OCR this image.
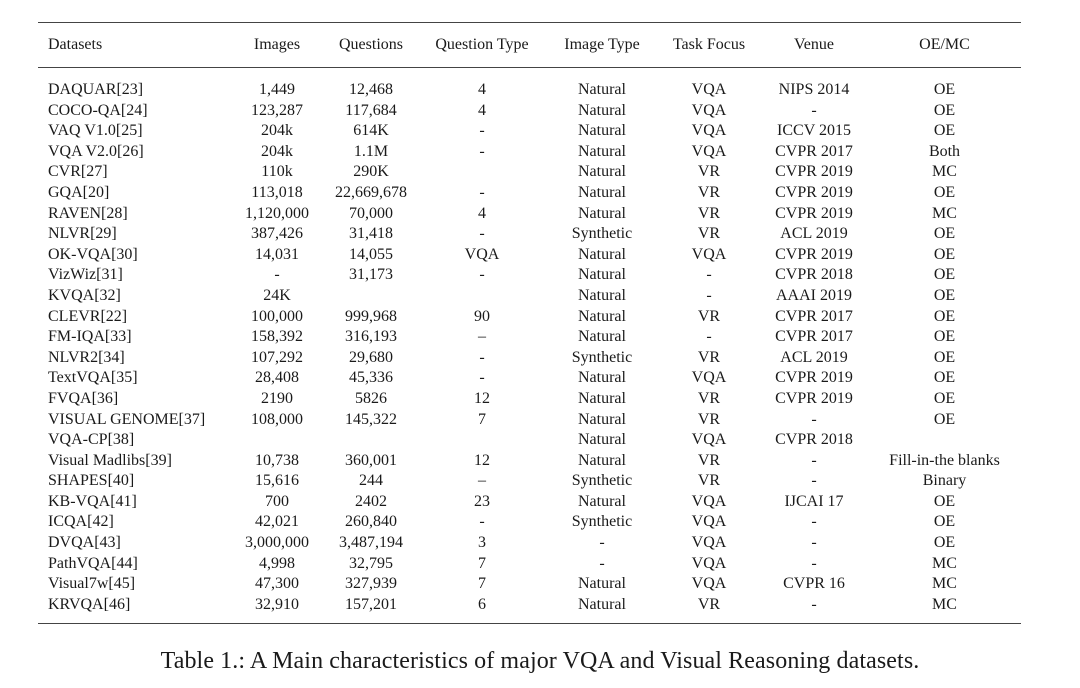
Datasets	Images	Questions	Question Type	Image Type	Task Focus	Venue	OE/MC
DAQUAR[23]	1,449	12,468	4	Natural	VQA	NIPS 2014	OE
COCO-QA[24]	123,287	117,684	4	Natural	VQA	-	OE
VAQ V1.0[25]	204k	614K	-	Natural	VQA	ICCV 2015	OE
VQA V2.0[26]	204k	1.1M	-	Natural	VQA	CVPR 2017	Both
CVR[27]	110k	290K		Natural	VR	CVPR 2019	MC
GQA[20]	113,018	22,669,678	-	Natural	VR	CVPR 2019	OE
RAVEN[28]	1,120,000	70,000	4	Natural	VR	CVPR 2019	MC
NLVR[29]	387,426	31,418	-	Synthetic	VR	ACL 2019	OE
OK-VQA[30]	14,031	14,055	VQA	Natural	VQA	CVPR 2019	OE
VizWiz[31]	-	31,173	-	Natural	-	CVPR 2018	OE
KVQA[32]	24K			Natural	-	AAAI 2019	OE
CLEVR[22]	100,000	999,968	90	Natural	VR	CVPR 2017	OE
FM-IQA[33]	158,392	316,193	–	Natural	-	CVPR 2017	OE
NLVR2[34]	107,292	29,680	-	Synthetic	VR	ACL 2019	OE
TextVQA[35]	28,408	45,336	-	Natural	VQA	CVPR 2019	OE
FVQA[36]	2190	5826	12	Natural	VR	CVPR 2019	OE
VISUAL GENOME[37]	108,000	145,322	7	Natural	VR	-	OE
VQA-CP[38]				Natural	VQA	CVPR 2018	
Visual Madlibs[39]	10,738	360,001	12	Natural	VR	-	Fill-in-the blanks
SHAPES[40]	15,616	244	–	Synthetic	VR	-	Binary
KB-VQA[41]	700	2402	23	Natural	VQA	IJCAI 17	OE
ICQA[42]	42,021	260,840	-	Synthetic	VQA	-	OE
DVQA[43]	3,000,000	3,487,194	3	-	VQA	-	OE
PathVQA[44]	4,998	32,795	7	-	VQA	-	MC
Visual7w[45]	47,300	327,939	7	Natural	VQA	CVPR 16	MC
KRVQA[46]	32,910	157,201	6	Natural	VR	-	MC
Table 1.: A Main characteristics of major VQA and Visual Reasoning datasets.
